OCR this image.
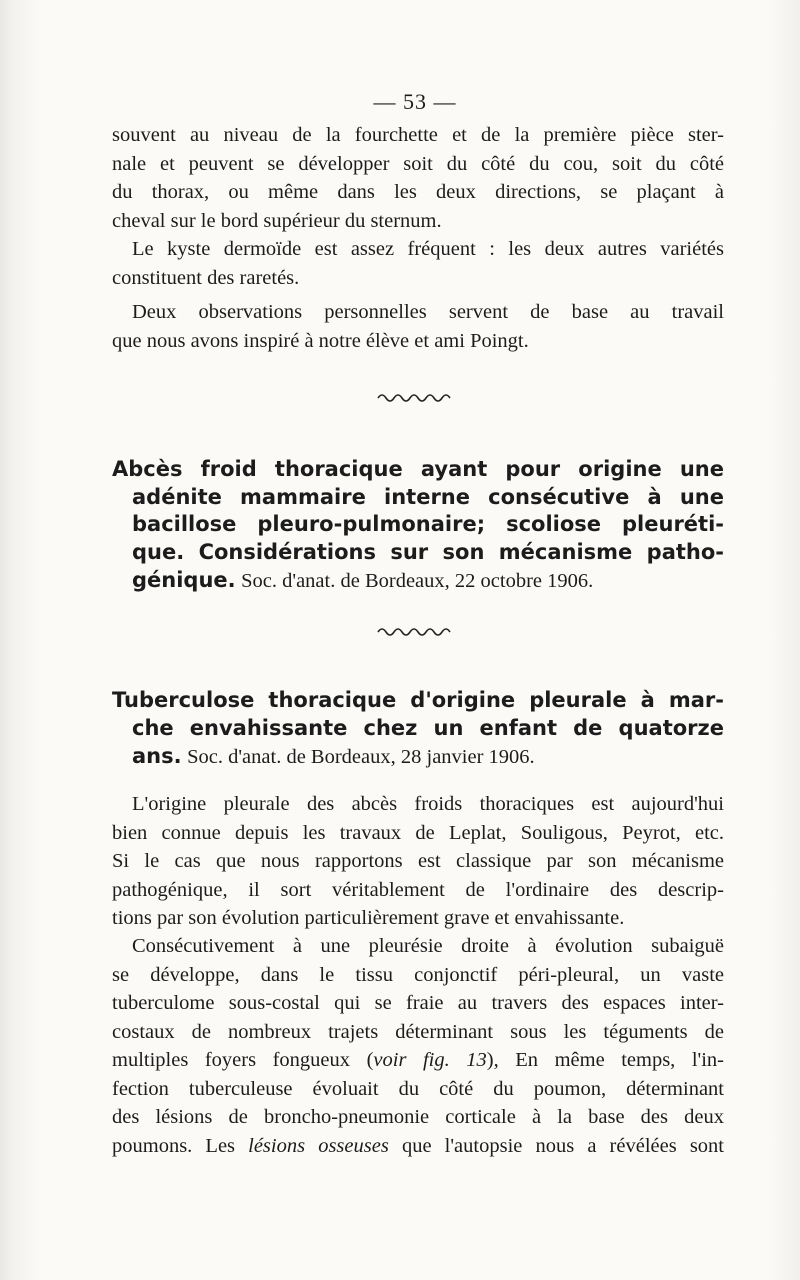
— 53 —

souvent au niveau de la fourchette et de la première pièce ster-
nale et peuvent se développer soit du côté du cou, soit du côté
du thorax, ou même dans les deux directions, se plaçant à
cheval sur le bord supérieur du sternum.

Le kyste dermoïde est assez fréquent : les deux autres variétés
constituent des raretés.

Deux observations personnelles servent de base au travail
que nous avons inspiré à notre élève et ami Poingt.

Abcès froid thoracique ayant pour origine une
adénite mammaire interne consécutive à une
bacillose pleuro-pulmonaire; scoliose pleuréti-
que. Considérations sur son mécanisme patho-
génique. Soc. d'anat. de Bordeaux, 22 octobre 1906.
Tuberculose thoracique d'origine pleurale à mar-
che envahissante chez un enfant de quatorze
ans. Soc. d'anat. de Bordeaux, 28 janvier 1906.

L'origine pleurale des abcès froids thoraciques est aujourd'hui
bien connue depuis les travaux de Leplat, Souligous, Peyrot, etc.
Si le cas que nous rapportons est classique par son mécanisme
pathogénique, il sort véritablement de l'ordinaire des descrip-
tions par son évolution particulièrement grave et envahissante.

Consécutivement à une pleurésie droite à évolution subaiguë
se développe, dans le tissu conjonctif péri-pleural, un vaste
tuberculome sous-costal qui se fraie au travers des espaces inter-
costaux de nombreux trajets déterminant sous les téguments de
multiples foyers fongueux (voir fig. 13), En même temps, l'in-
fection tuberculeuse évoluait du côté du poumon, déterminant
des lésions de broncho-pneumonie corticale à la base des deux
poumons. Les lésions osseuses que l'autopsie nous a révélées sont
